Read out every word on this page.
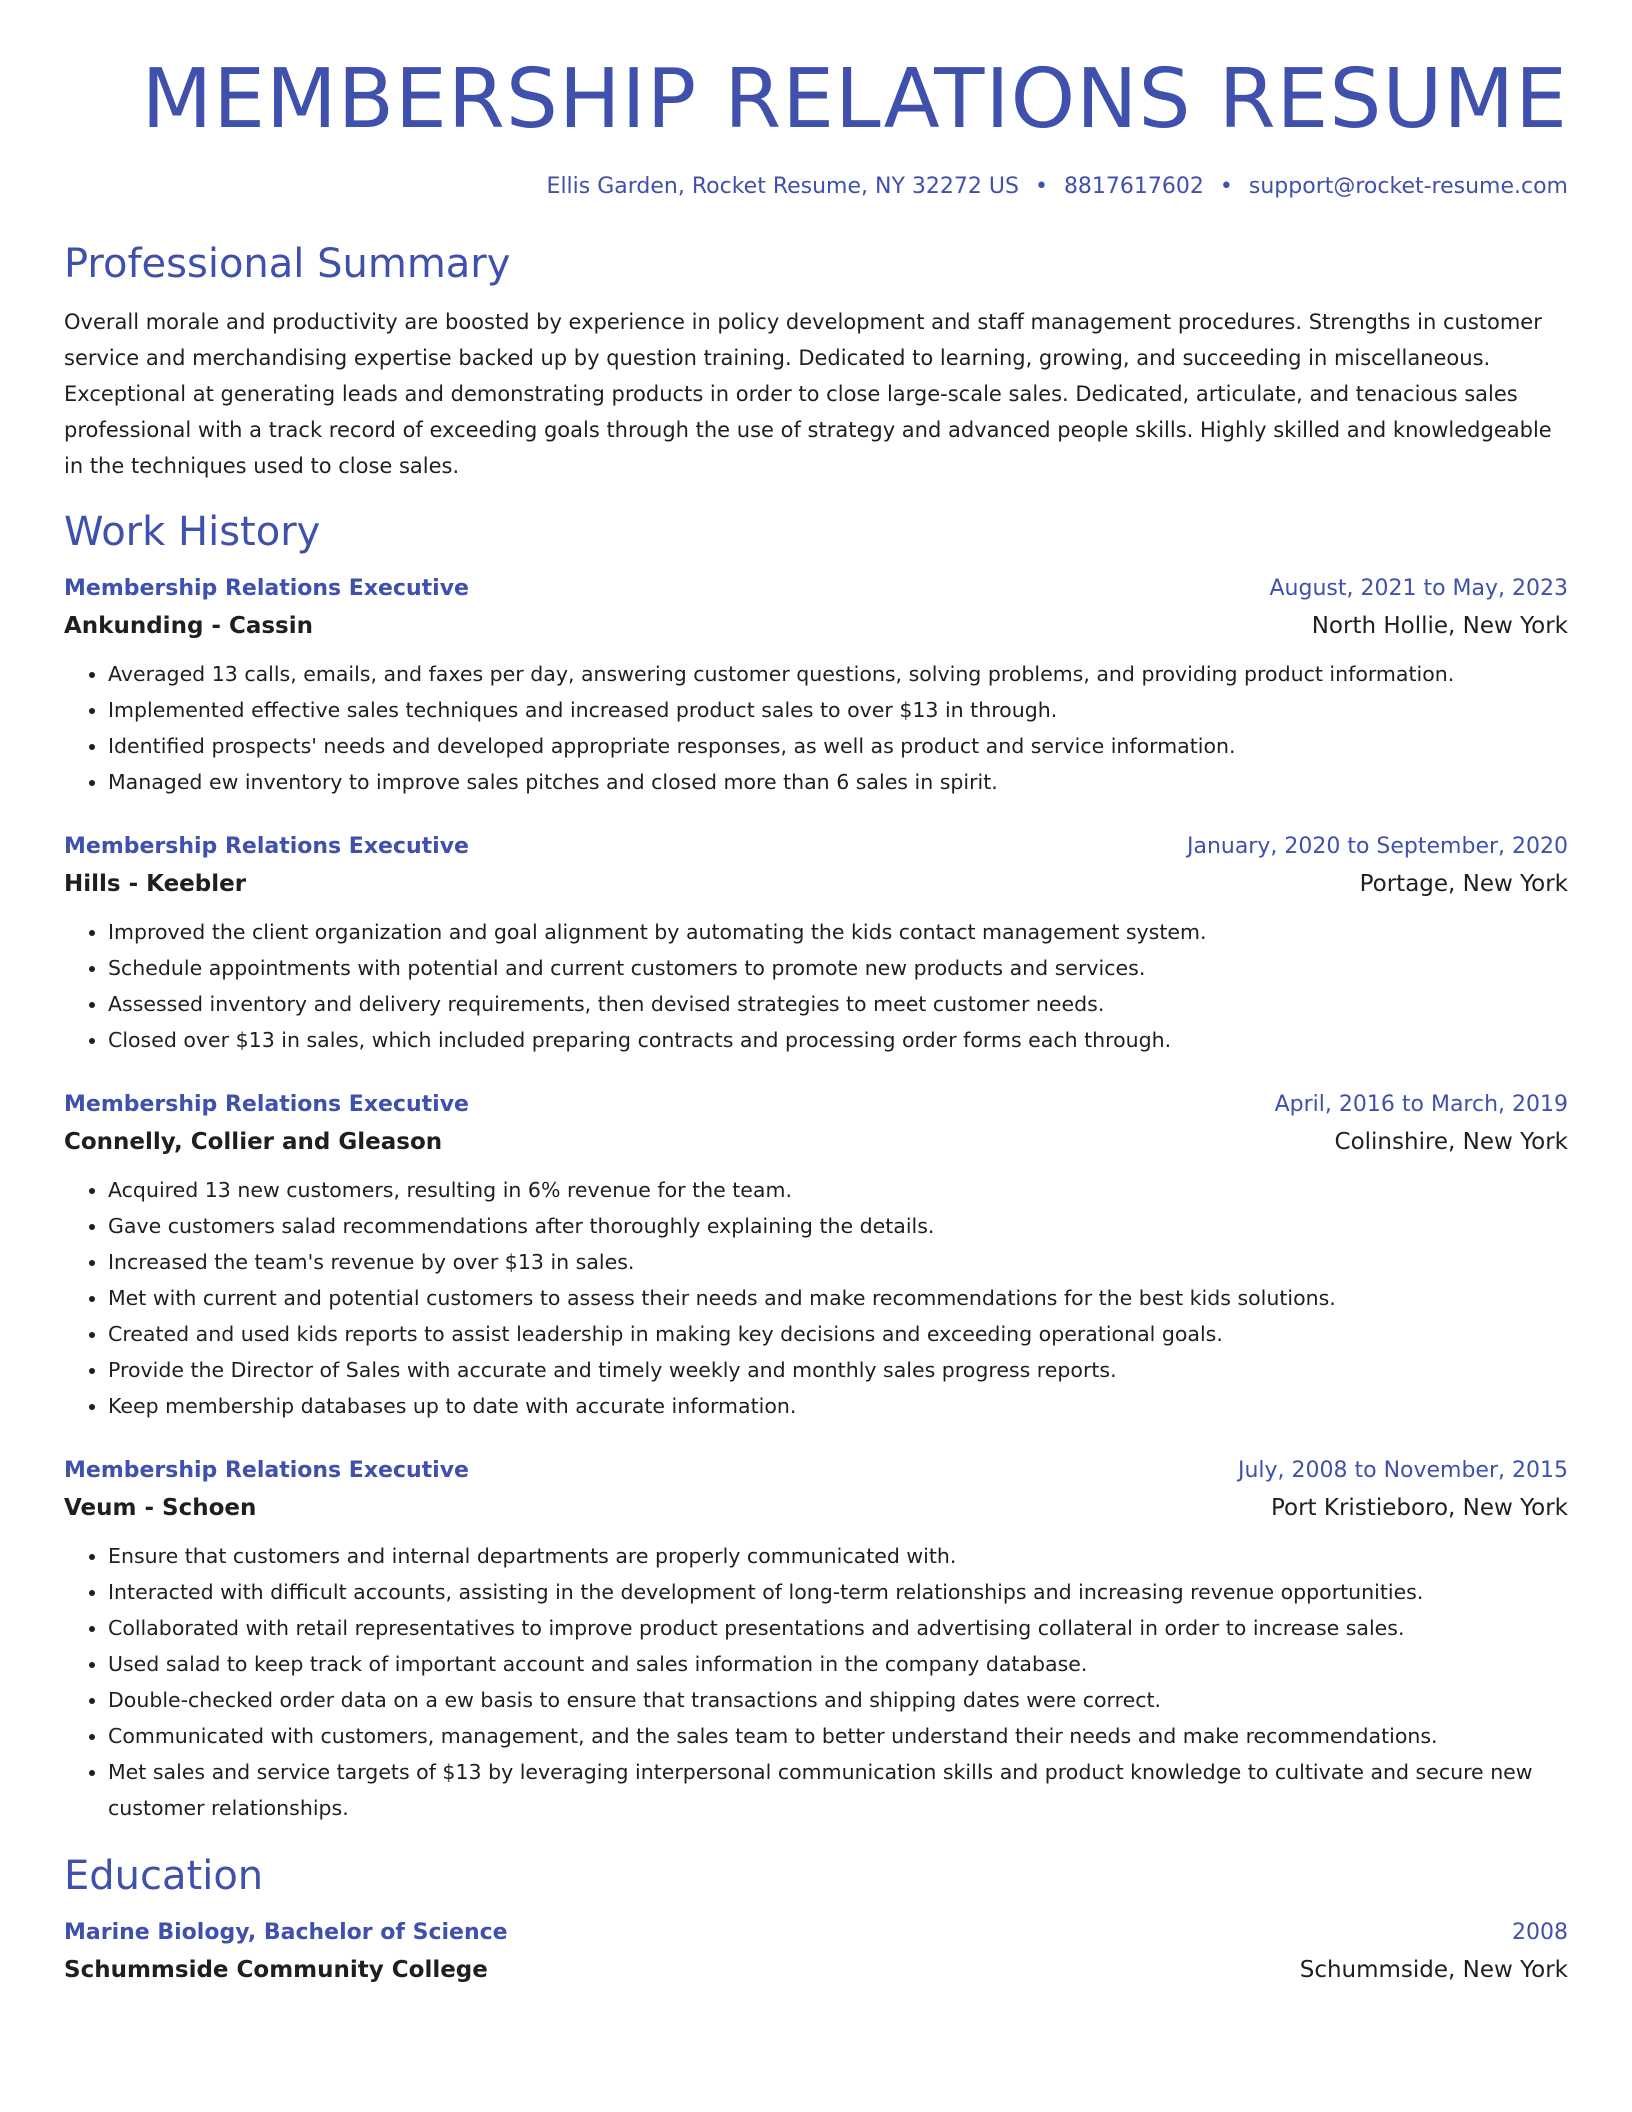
MEMBERSHIP RELATIONS RESUME
Ellis Garden, Rocket Resume, NY 32272 US • 8817617602 • support@rocket-resume.com
Professional Summary
Overall morale and productivity are boosted by experience in policy development and staff management procedures. Strengths in customer service and merchandising expertise backed up by question training. Dedicated to learning, growing, and succeeding in miscellaneous. Exceptional at generating leads and demonstrating products in order to close large-scale sales. Dedicated, articulate, and tenacious sales professional with a track record of exceeding goals through the use of strategy and advanced people skills. Highly skilled and knowledgeable in the techniques used to close sales.
Work History
Membership Relations Executive	August, 2021 to May, 2023
Ankunding - Cassin	North Hollie, New York
• Averaged 13 calls, emails, and faxes per day, answering customer questions, solving problems, and providing product information.
• Implemented effective sales techniques and increased product sales to over $13 in through.
• Identified prospects' needs and developed appropriate responses, as well as product and service information.
• Managed ew inventory to improve sales pitches and closed more than 6 sales in spirit.
Membership Relations Executive	January, 2020 to September, 2020
Hills - Keebler	Portage, New York
• Improved the client organization and goal alignment by automating the kids contact management system.
• Schedule appointments with potential and current customers to promote new products and services.
• Assessed inventory and delivery requirements, then devised strategies to meet customer needs.
• Closed over $13 in sales, which included preparing contracts and processing order forms each through.
Membership Relations Executive	April, 2016 to March, 2019
Connelly, Collier and Gleason	Colinshire, New York
• Acquired 13 new customers, resulting in 6% revenue for the team.
• Gave customers salad recommendations after thoroughly explaining the details.
• Increased the team's revenue by over $13 in sales.
• Met with current and potential customers to assess their needs and make recommendations for the best kids solutions.
• Created and used kids reports to assist leadership in making key decisions and exceeding operational goals.
• Provide the Director of Sales with accurate and timely weekly and monthly sales progress reports.
• Keep membership databases up to date with accurate information.
Membership Relations Executive	July, 2008 to November, 2015
Veum - Schoen	Port Kristieboro, New York
• Ensure that customers and internal departments are properly communicated with.
• Interacted with difficult accounts, assisting in the development of long-term relationships and increasing revenue opportunities.
• Collaborated with retail representatives to improve product presentations and advertising collateral in order to increase sales.
• Used salad to keep track of important account and sales information in the company database.
• Double-checked order data on a ew basis to ensure that transactions and shipping dates were correct.
• Communicated with customers, management, and the sales team to better understand their needs and make recommendations.
• Met sales and service targets of $13 by leveraging interpersonal communication skills and product knowledge to cultivate and secure new customer relationships.
Education
Marine Biology, Bachelor of Science	2008
Schummside Community College	Schummside, New York
